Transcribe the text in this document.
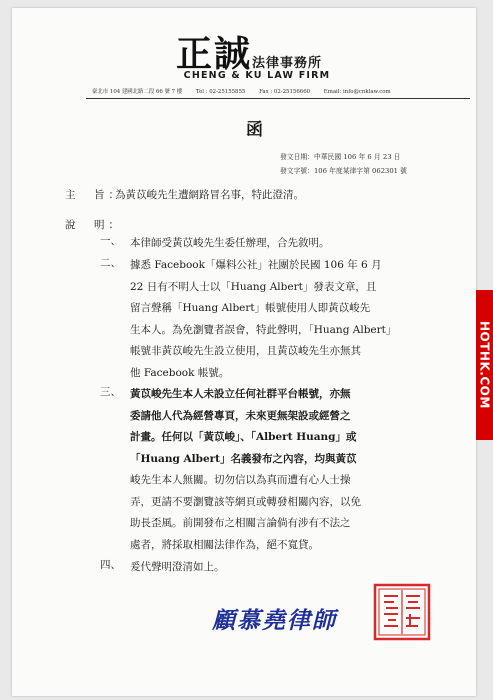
正誠 法律事務所
CHENG & KU LAW FIRM
臺北市 104 建國北路二段 66 號 7 樓	Tel : 02-25155855	Fax : 02-25156660	Email: info@cnklaw.com
函
發文日期：中華民國 106 年 6 月 23 日
發文字號：106 年度某律字第 062301 號
主　旨：為黃苡峻先生遭網路冒名事，特此澄清。
說　明：
一、 本律師受黃苡峻先生委任辦理，合先敘明。
二、 據悉 Facebook「爆料公社」社團於民國 106 年 6 月
22 日有不明人士以「Huang Albert」發表文章，且
留言聲稱「Huang Albert」帳號使用人即黃苡峻先
生本人。為免瀏覽者誤會，特此聲明，「Huang Albert」
帳號非黃苡峻先生設立使用，且黃苡峻先生亦無其
他 Facebook 帳號。
三、 黃苡峻先生本人未設立任何社群平台帳號，亦無
委請他人代為經營專頁，未來更無架設或經營之
計畫。任何以「黃苡峻」、「Albert Huang」或
「Huang Albert」名義發布之內容，均與黃苡
峻先生本人無關。切勿信以為真而遭有心人士操
弄，更請不要瀏覽該等網頁或轉發相關內容，以免
助長歪風。前開發布之相關言論倘有涉有不法之
處者，將採取相關法律作為，絕不寬貸。
四、 爰代聲明澄清如上。
顧慕堯律師
HOTHK.COM
